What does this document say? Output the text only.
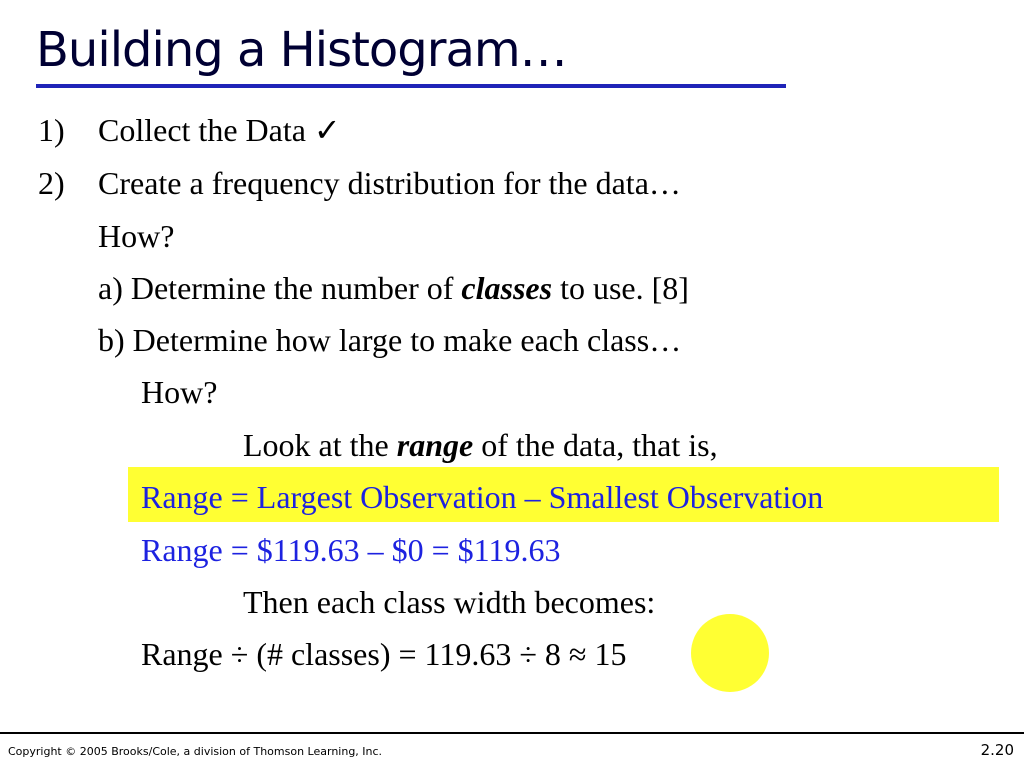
Building a Histogram…
1) Collect the Data ✓
2) Create a frequency distribution for the data…
How?
a) Determine the number of classes to use. [8]
b) Determine how large to make each class…
How?
Look at the range of the data, that is,
Range = Largest Observation – Smallest Observation
Range = $119.63 – $0 = $119.63
Then each class width becomes:
Range ÷ (# classes) = 119.63 ÷ 8 ≈ 15
Copyright © 2005 Brooks/Cole, a division of Thomson Learning, Inc.	2.20
